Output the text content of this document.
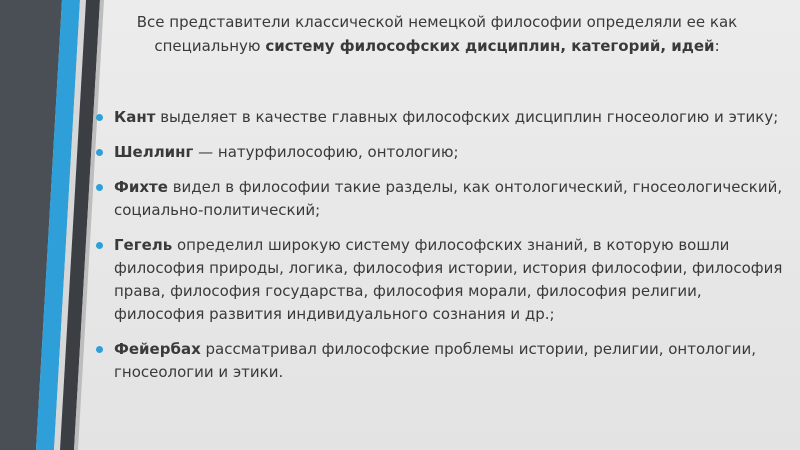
Все представители классической немецкой философии определяли ее как специальную систему философских дисциплин, категорий, идей:
Кант выделяет в качестве главных философских дисциплин гносеологию и этику;
Шеллинг — натурфилософию, онтологию;
Фихте видел в философии такие разделы, как онтологический, гносеологический, социально-политический;
Гегель определил широкую систему философских знаний, в которую вошли философия природы, логика, философия истории, история философии, философия права, философия государства, философия морали, философия религии, философия развития индивидуального сознания и др.;
Фейербах рассматривал философские проблемы истории, религии, онтологии, гносеологии и этики.
